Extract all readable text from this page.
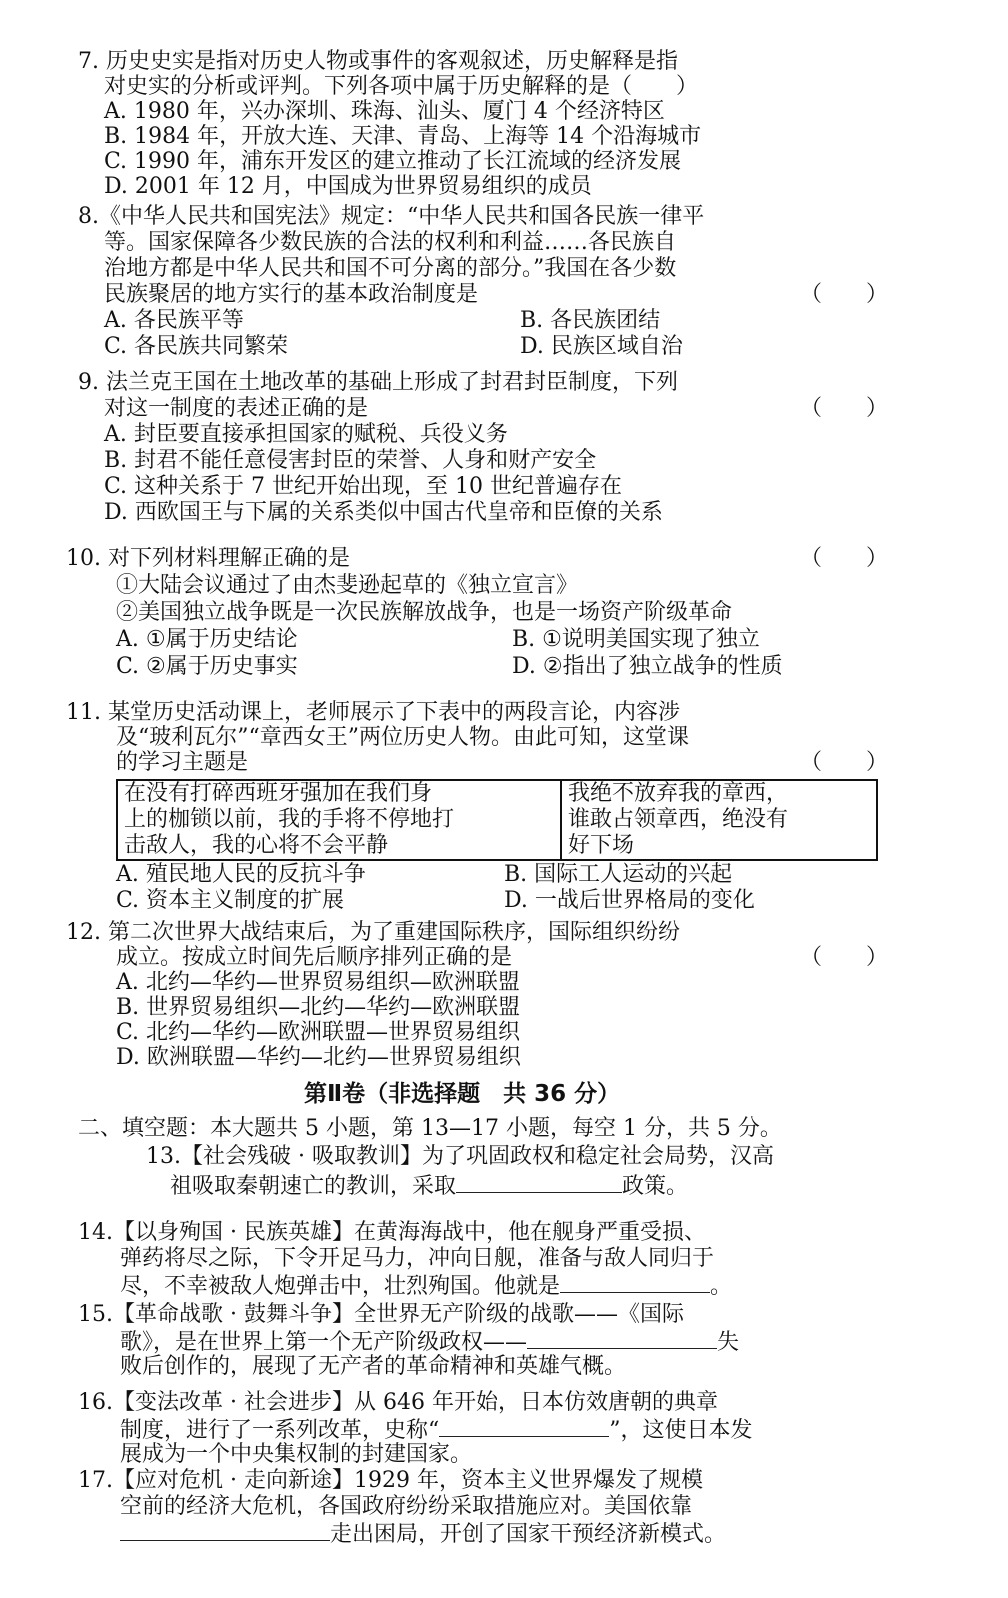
7. 历史史实是指对历史人物或事件的客观叙述，历史解释是指
对史实的分析或评判。下列各项中属于历史解释的是（　　）
A. 1980 年，兴办深圳、珠海、汕头、厦门 4 个经济特区
B. 1984 年，开放大连、天津、青岛、上海等 14 个沿海城市
C. 1990 年，浦东开发区的建立推动了长江流域的经济发展
D. 2001 年 12 月，中国成为世界贸易组织的成员
8.《中华人民共和国宪法》规定：“中华人民共和国各民族一律平
等。国家保障各少数民族的合法的权利和利益……各民族自
治地方都是中华人民共和国不可分离的部分。”我国在各少数
民族聚居的地方实行的基本政治制度是	（　　）
A. 各民族平等	B. 各民族团结
C. 各民族共同繁荣	D. 民族区域自治
9. 法兰克王国在土地改革的基础上形成了封君封臣制度，下列
对这一制度的表述正确的是	（　　）
A. 封臣要直接承担国家的赋税、兵役义务
B. 封君不能任意侵害封臣的荣誉、人身和财产安全
C. 这种关系于 7 世纪开始出现，至 10 世纪普遍存在
D. 西欧国王与下属的关系类似中国古代皇帝和臣僚的关系
10. 对下列材料理解正确的是	（　　）
①大陆会议通过了由杰斐逊起草的《独立宣言》
②美国独立战争既是一次民族解放战争，也是一场资产阶级革命
A. ①属于历史结论	B. ①说明美国实现了独立
C. ②属于历史事实	D. ②指出了独立战争的性质
11. 某堂历史活动课上，老师展示了下表中的两段言论，内容涉
及“玻利瓦尔”“章西女王”两位历史人物。由此可知，这堂课
的学习主题是	（　　）
在没有打碎西班牙强加在我们身
上的枷锁以前，我的手将不停地打
击敌人，我的心将不会平静

我绝不放弃我的章西，
谁敢占领章西，绝没有
好下场
A. 殖民地人民的反抗斗争	B. 国际工人运动的兴起
C. 资本主义制度的扩展	D. 一战后世界格局的变化
12. 第二次世界大战结束后，为了重建国际秩序，国际组织纷纷
成立。按成立时间先后顺序排列正确的是	（　　）
A. 北约—华约—世界贸易组织—欧洲联盟
B. 世界贸易组织—北约—华约—欧洲联盟
C. 北约—华约—欧洲联盟—世界贸易组织
D. 欧洲联盟—华约—北约—世界贸易组织
第Ⅱ卷（非选择题　共 36 分）
二、填空题：本大题共 5 小题，第 13—17 小题，每空 1 分，共 5 分。
13.【社会残破 · 吸取教训】为了巩固政权和稳定社会局势，汉高
祖吸取秦朝速亡的教训，采取	政策。
14.【以身殉国 · 民族英雄】在黄海海战中，他在舰身严重受损、
弹药将尽之际，下令开足马力，冲向日舰，准备与敌人同归于
尽，不幸被敌人炮弹击中，壮烈殉国。他就是	。
15.【革命战歌 · 鼓舞斗争】全世界无产阶级的战歌——《国际
歌》，是在世界上第一个无产阶级政权——	失
败后创作的，展现了无产者的革命精神和英雄气概。
16.【变法改革 · 社会进步】从 646 年开始，日本仿效唐朝的典章
制度，进行了一系列改革，史称“	”，这使日本发
展成为一个中央集权制的封建国家。
17.【应对危机 · 走向新途】1929 年，资本主义世界爆发了规模
空前的经济大危机，各国政府纷纷采取措施应对。美国依靠
走出困局，开创了国家干预经济新模式。
